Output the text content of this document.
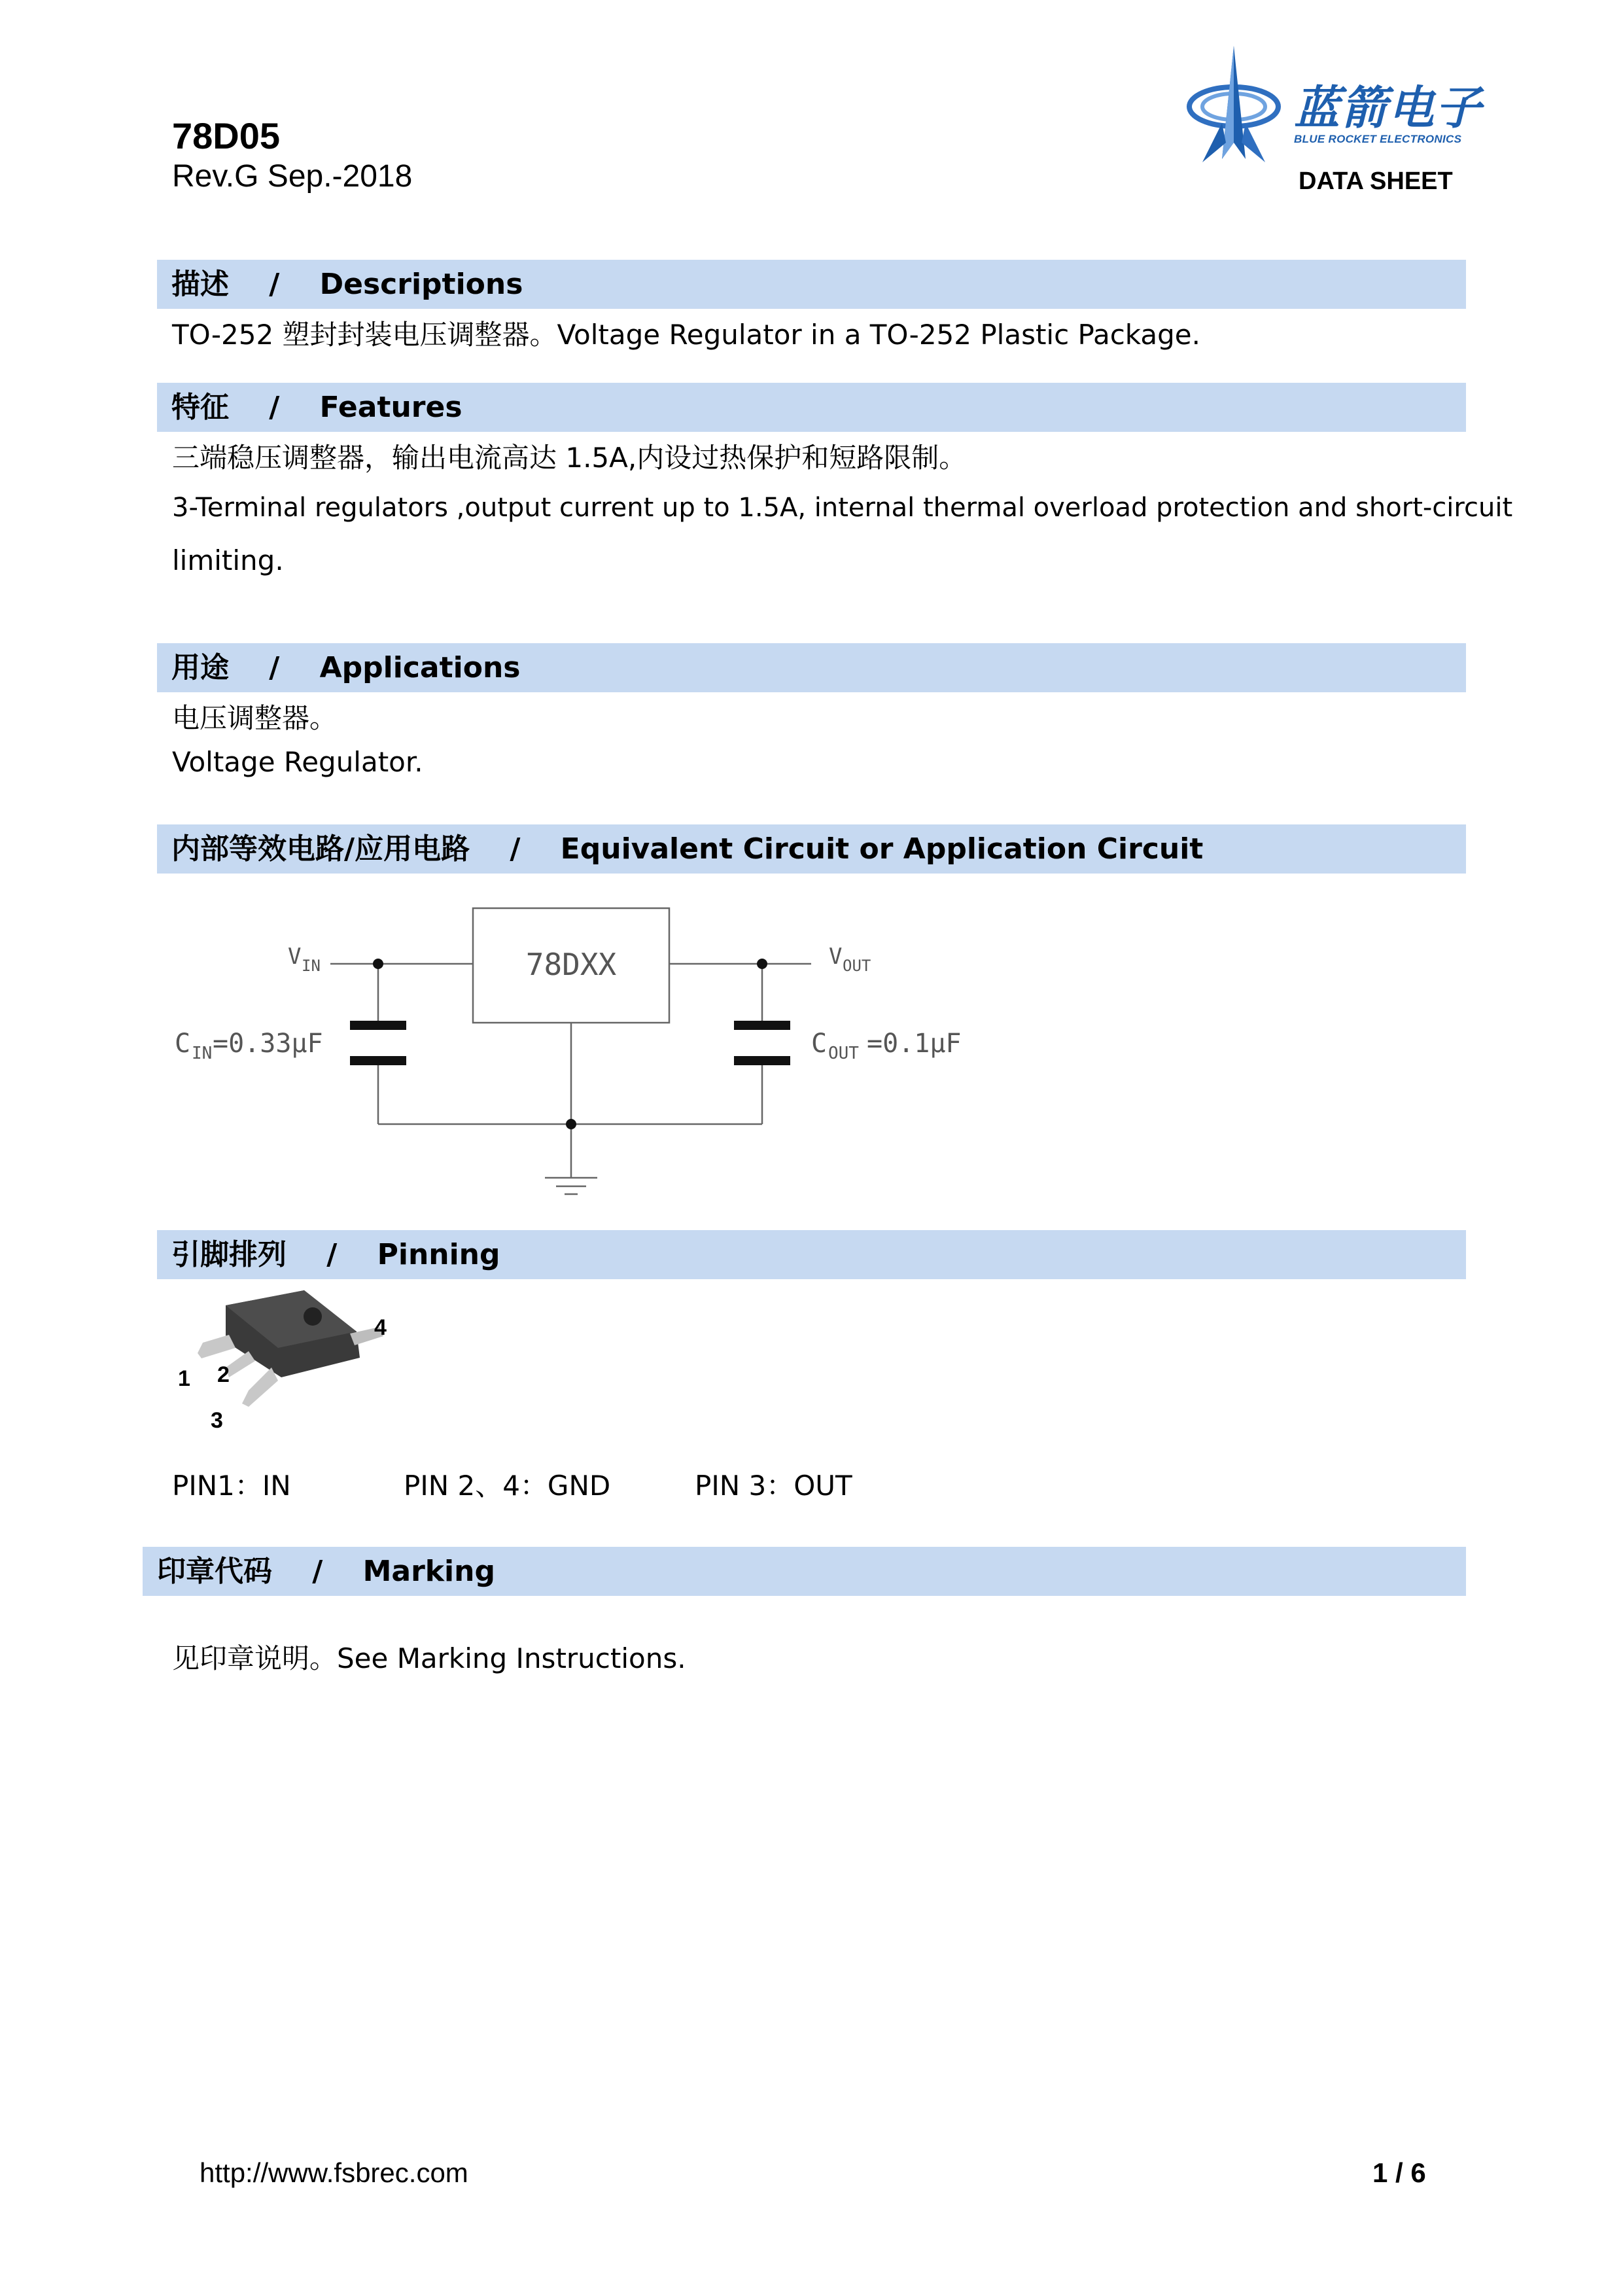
78D05
Rev.G Sep.-2018
蓝箭电子
BLUE ROCKET ELECTRONICS
DATA SHEET
描述    /    Descriptions
TO-252 塑封封装电压调整器。Voltage Regulator in a TO-252 Plastic Package.
特征    /    Features
三端稳压调整器，输出电流高达 1.5A,内设过热保护和短路限制。
3-Terminal regulators ,output current up to 1.5A, internal thermal overload protection and short-circuit
limiting.
用途    /    Applications
电压调整器。
Voltage Regulator.
内部等效电路/应用电路    /    Equivalent Circuit or Application Circuit
78DXX
V IN	V OUT
C IN =0.33μF	C OUT =0.1μF
引脚排列    /    Pinning
1 2
3
4
PIN1：IN	PIN 2、4：GND	PIN 3：OUT
印章代码    /    Marking
见印章说明。See Marking Instructions.
http://www.fsbrec.com	1 / 6
